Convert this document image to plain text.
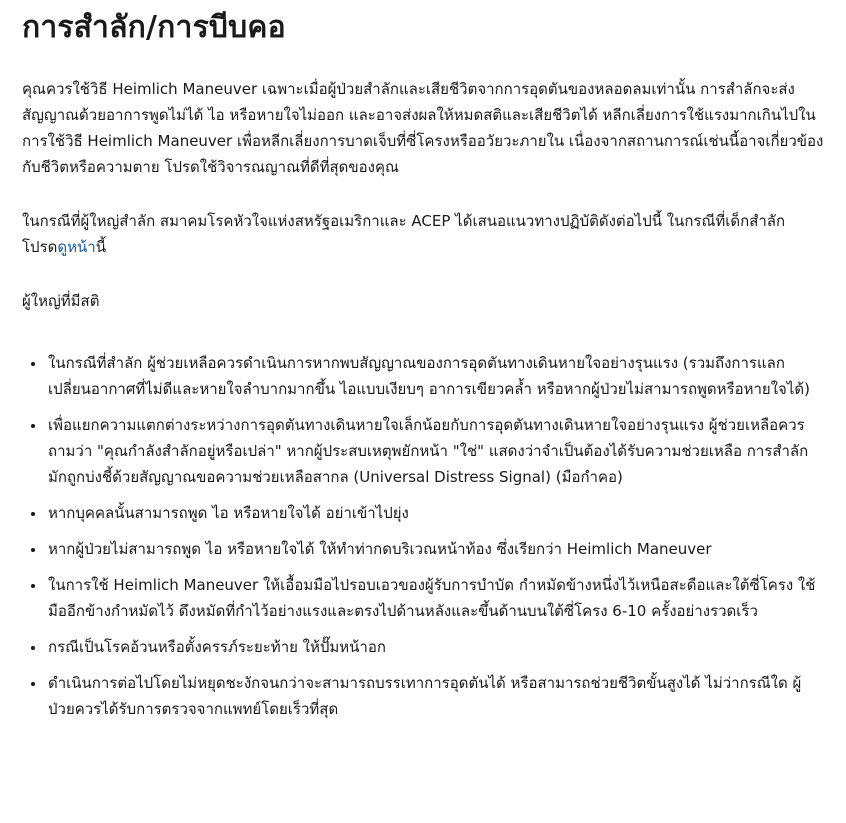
การสำลัก/การบีบคอ

คุณควรใช้วิธี Heimlich Maneuver เฉพาะเมื่อผู้ป่วยสำลักและเสียชีวิตจากการอุดตันของหลอดลมเท่านั้น การสำลักจะส่งสัญญาณด้วยอาการพูดไม่ได้ ไอ หรือหายใจไม่ออก และอาจส่งผลให้หมดสติและเสียชีวิตได้ หลีกเลี่ยงการใช้แรงมากเกินไปในการใช้วิธี Heimlich Maneuver เพื่อหลีกเลี่ยงการบาดเจ็บที่ซี่โครงหรืออวัยวะภายใน เนื่องจากสถานการณ์เช่นนี้อาจเกี่ยวข้องกับชีวิตหรือความตาย โปรดใช้วิจารณญาณที่ดีที่สุดของคุณ

ในกรณีที่ผู้ใหญ่สำลัก สมาคมโรคหัวใจแห่งสหรัฐอเมริกาและ ACEP ได้เสนอแนวทางปฏิบัติดังต่อไปนี้ ในกรณีที่เด็กสำลัก โปรดดูหน้านี้

ผู้ใหญ่ที่มีสติ

• ในกรณีที่สำลัก ผู้ช่วยเหลือควรดำเนินการหากพบสัญญาณของการอุดตันทางเดินหายใจอย่างรุนแรง (รวมถึงการแลกเปลี่ยนอากาศที่ไม่ดีและหายใจลำบากมากขึ้น ไอแบบเงียบๆ อาการเขียวคล้ำ หรือหากผู้ป่วยไม่สามารถพูดหรือหายใจได้)
• เพื่อแยกความแตกต่างระหว่างการอุดตันทางเดินหายใจเล็กน้อยกับการอุดตันทางเดินหายใจอย่างรุนแรง ผู้ช่วยเหลือควรถามว่า "คุณกำลังสำลักอยู่หรือเปล่า" หากผู้ประสบเหตุพยักหน้า "ใช่" แสดงว่าจำเป็นต้องได้รับความช่วยเหลือ การสำลักมักถูกบ่งชี้ด้วยสัญญาณขอความช่วยเหลือสากล (Universal Distress Signal) (มือกำคอ)
• หากบุคคลนั้นสามารถพูด ไอ หรือหายใจได้ อย่าเข้าไปยุ่ง
• หากผู้ป่วยไม่สามารถพูด ไอ หรือหายใจได้ ให้ทำท่ากดบริเวณหน้าท้อง ซึ่งเรียกว่า Heimlich Maneuver
• ในการใช้ Heimlich Maneuver ให้เอื้อมมือไปรอบเอวของผู้รับการบำบัด กำหมัดข้างหนึ่งไว้เหนือสะดือและใต้ซี่โครง ใช้มืออีกข้างกำหมัดไว้ ดึงหมัดที่กำไว้อย่างแรงและตรงไปด้านหลังและขึ้นด้านบนใต้ซี่โครง 6-10 ครั้งอย่างรวดเร็ว
• กรณีเป็นโรคอ้วนหรือตั้งครรภ์ระยะท้าย ให้ปั๊มหน้าอก
• ดำเนินการต่อไปโดยไม่หยุดชะงักจนกว่าจะสามารถบรรเทาการอุดตันได้ หรือสามารถช่วยชีวิตขั้นสูงได้ ไม่ว่ากรณีใด ผู้ป่วยควรได้รับการตรวจจากแพทย์โดยเร็วที่สุด
